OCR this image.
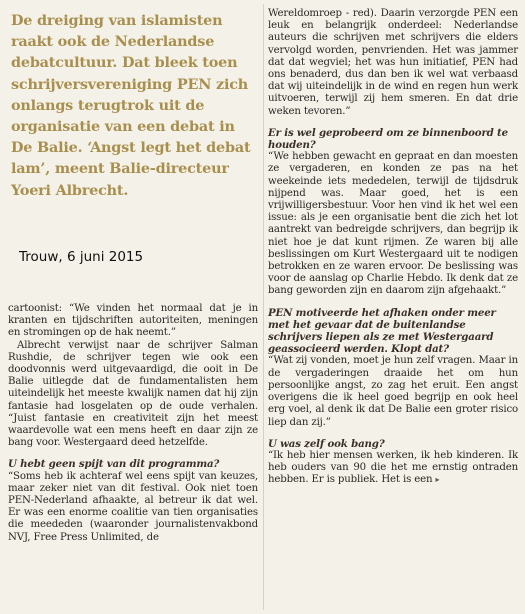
De dreiging van islamisten raakt ook de Nederlandse debatcultuur. Dat bleek toen schrijversvereniging PEN zich onlangs terugtrok uit de organisatie van een debat in De Balie. ‘Angst legt het debat lam’, meent Balie-directeur Yoeri Albrecht.
Trouw, 6 juni 2015

cartoonist: “We vinden het normaal dat je in kranten en tijdschriften autoriteiten, meningen en stromingen op de hak neemt.”

Albrecht verwijst naar de schrijver Salman Rushdie, de schrijver tegen wie ook een doodvonnis werd uitgevaardigd, die ooit in De Balie uitlegde dat de fundamentalisten hem uiteindelijk het meeste kwalijk namen dat hij zijn fantasie had losgelaten op de oude verhalen. “Juist fantasie en creativiteit zijn het meest waardevolle wat een mens heeft en daar zijn ze bang voor. Westergaard deed hetzelfde.

U hebt geen spijt van dit programma?

“Soms heb ik achteraf wel eens spijt van keuzes, maar zeker niet van dit festival. Ook niet toen PEN-Nederland afhaakte, al betreur ik dat wel. Er was een enorme coalitie van tien organisaties die meededen (waaronder journalistenvakbond NVJ, Free Press Unlimited, de

Wereldomroep - red). Daarin verzorgde PEN een leuk en belangrijk onderdeel: Nederlandse auteurs die schrijven met schrijvers die elders vervolgd worden, penvrienden. Het was jammer dat dat wegviel; het was hun initiatief, PEN had ons benaderd, dus dan ben ik wel wat verbaasd dat wij uiteindelijk in de wind en regen hun werk uitvoeren, terwijl zij hem smeren. En dat drie weken tevoren.”

Er is wel geprobeerd om ze binnenboord te houden?

“We hebben gewacht en gepraat en dan moesten ze vergaderen, en konden ze pas na het weekeinde iets mededelen, terwijl de tijdsdruk nijpend was. Maar goed, het is een vrijwilligersbestuur. Voor hen vind ik het wel een issue: als je een organisatie bent die zich het lot aantrekt van bedreigde schrijvers, dan begrijp ik niet hoe je dat kunt rijmen. Ze waren bij alle beslissingen om Kurt Westergaard uit te nodigen betrokken en ze waren ervoor. De beslissing was voor de aanslag op Charlie Hebdo. Ik denk dat ze bang geworden zijn en daarom zijn afgehaakt.”

PEN motiveerde het afhaken onder meer met het gevaar dat de buitenlandse schrijvers liepen als ze met Westergaard geassocieerd werden. Klopt dat?

“Wat zij vonden, moet je hun zelf vragen. Maar in de vergaderingen draaide het om hun persoonlijke angst, zo zag het eruit. Een angst overigens die ik heel goed begrijp en ook heel erg voel, al denk ik dat De Balie een groter risico liep dan zij.”

U was zelf ook bang?

“Ik heb hier mensen werken, ik heb kinderen. Ik heb ouders van 90 die het me ernstig ontraden hebben. Er is publiek. Het is een ▸
